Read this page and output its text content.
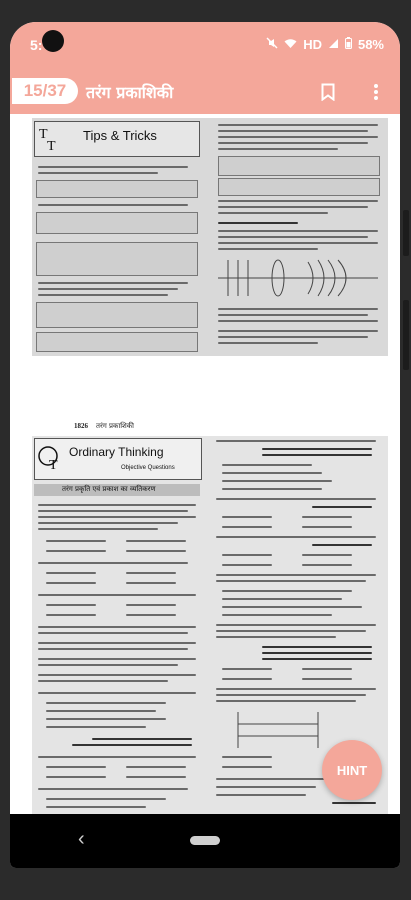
5:	HD	58%
15/37	तरंग प्रकाशिकी
T
T
Tips & Tricks
1826 तरंग प्रकाशिकी
T
Ordinary Thinking
Objective Questions
तरंग प्रकृति एवं प्रकाश का व्यतिकरण
HINT
‹
